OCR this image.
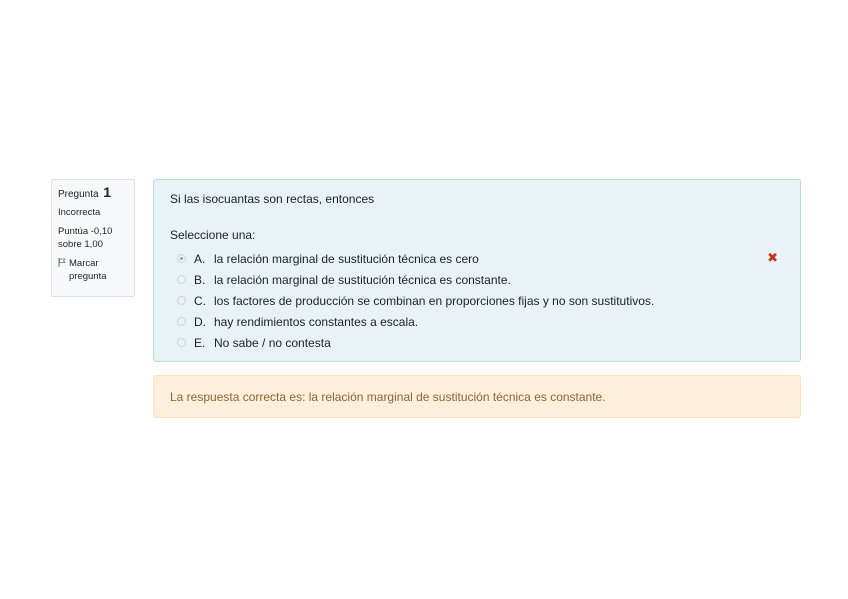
Pregunta 1
Incorrecta
Puntúa -0,10 sobre 1,00
Marcar pregunta

Si las isocuantas son rectas, entonces

Seleccione una:
A. la relación marginal de sustitución técnica es cero	✖
B. la relación marginal de sustitución técnica es constante.
C. los factores de producción se combinan en proporciones fijas y no son sustitutivos.
D. hay rendimientos constantes a escala.
E. No sabe / no contesta
La respuesta correcta es: la relación marginal de sustitución técnica es constante.
